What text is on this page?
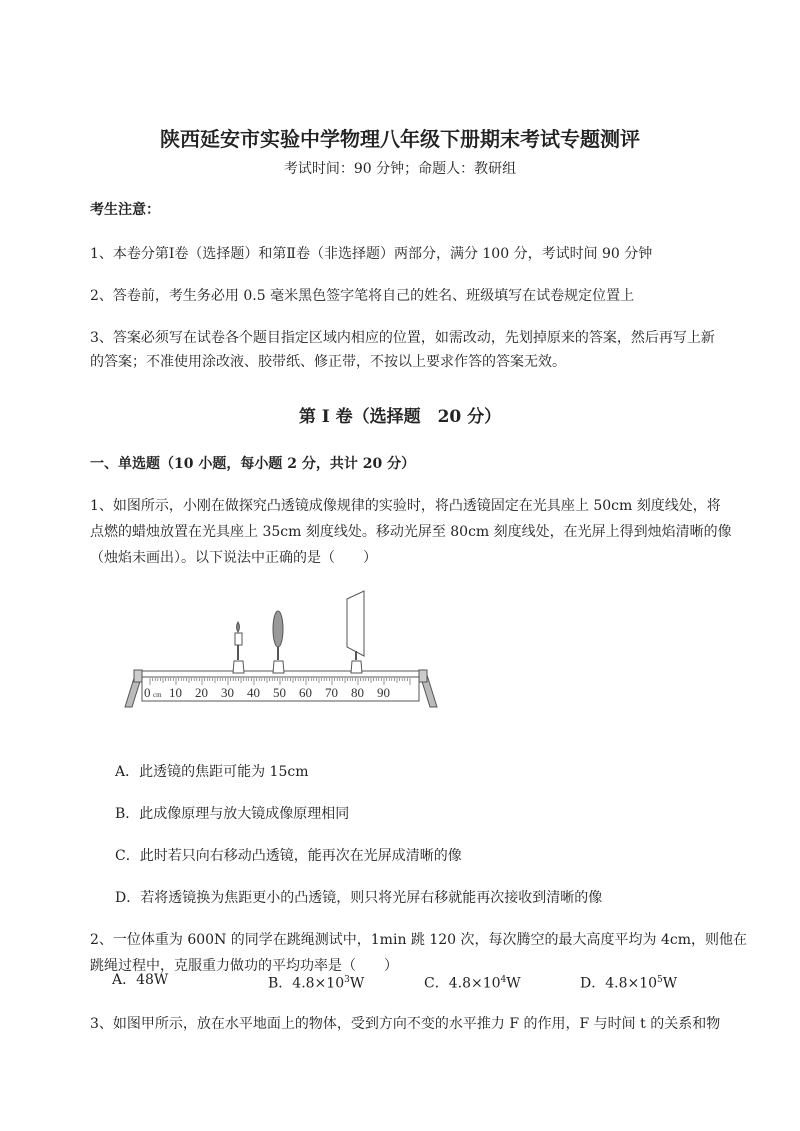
陕西延安市实验中学物理八年级下册期末考试专题测评
考试时间：90 分钟；命题人：教研组
考生注意：
1、本卷分第I卷（选择题）和第Ⅱ卷（非选择题）两部分，满分 100 分，考试时间 90 分钟
2、答卷前，考生务必用 0.5 毫米黑色签字笔将自己的姓名、班级填写在试卷规定位置上
3、答案必须写在试卷各个题目指定区域内相应的位置，如需改动，先划掉原来的答案，然后再写上新
的答案；不准使用涂改液、胶带纸、修正带，不按以上要求作答的答案无效。
第 I 卷（选择题　20 分）
一、单选题（10 小题，每小题 2 分，共计 20 分）
1、如图所示，小刚在做探究凸透镜成像规律的实验时，将凸透镜固定在光具座上 50cm 刻度线处，将
点燃的蜡烛放置在光具座上 35cm 刻度线处。移动光屏至 80cm 刻度线处，在光屏上得到烛焰清晰的像
（烛焰未画出）。以下说法中正确的是（　　）
0 cm 10 20 30 40 50 60 70 80 90
A．此透镜的焦距可能为 15cm
B．此成像原理与放大镜成像原理相同
C．此时若只向右移动凸透镜，能再次在光屏成清晰的像
D．若将透镜换为焦距更小的凸透镜，则只将光屏右移就能再次接收到清晰的像
2、一位体重为 600N 的同学在跳绳测试中，1min 跳 120 次，每次腾空的最大高度平均为 4cm，则他在
跳绳过程中，克服重力做功的平均功率是（　　）
A．48W	B．$4.8\times 10^3W$	C．$4.8\times 10^4W$	D．$4.8\times 10^5W$
3、如图甲所示，放在水平地面上的物体，受到方向不变的水平推力 F 的作用，F 与时间 t 的关系和物
